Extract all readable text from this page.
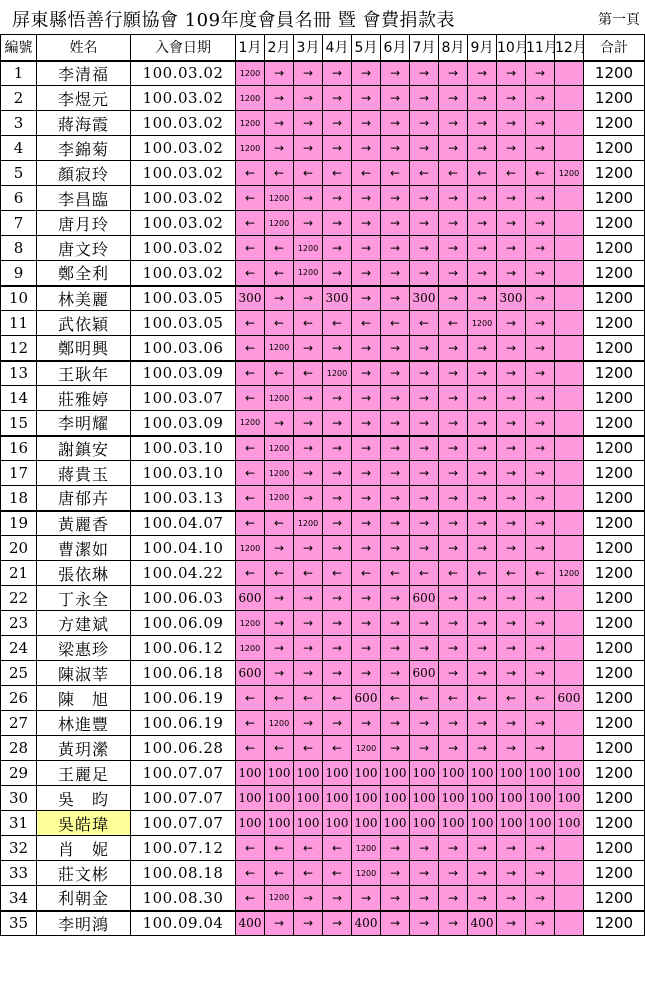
屏東縣悟善行願協會 109年度會員名冊 暨 會費捐款表	第一頁
編號	姓名	入會日期	1月	2月	3月	4月	5月	6月	7月	8月	9月	10月	11月	12月	合計
1	李清福	100.03.02	1200	→	→	→	→	→	→	→	→	→	→		1200
2	李煜元	100.03.02	1200	→	→	→	→	→	→	→	→	→	→		1200
3	蔣海霞	100.03.02	1200	→	→	→	→	→	→	→	→	→	→		1200
4	李錦菊	100.03.02	1200	→	→	→	→	→	→	→	→	→	→		1200
5	顏寂玲	100.03.02	←	←	←	←	←	←	←	←	←	←	←	1200	1200
6	李昌臨	100.03.02	←	1200	→	→	→	→	→	→	→	→	→		1200
7	唐月玲	100.03.02	←	1200	→	→	→	→	→	→	→	→	→		1200
8	唐文玲	100.03.02	←	←	1200	→	→	→	→	→	→	→	→		1200
9	鄭全利	100.03.02	←	←	1200	→	→	→	→	→	→	→	→		1200
10	林美麗	100.03.05	300	→	→	300	→	→	300	→	→	300	→		1200
11	武依穎	100.03.05	←	←	←	←	←	←	←	←	1200	→	→		1200
12	鄭明興	100.03.06	←	1200	→	→	→	→	→	→	→	→	→		1200
13	王耿年	100.03.09	←	←	←	1200	→	→	→	→	→	→	→		1200
14	莊雅婷	100.03.07	←	1200	→	→	→	→	→	→	→	→	→		1200
15	李明耀	100.03.09	1200	→	→	→	→	→	→	→	→	→	→		1200
16	謝鎮安	100.03.10	←	1200	→	→	→	→	→	→	→	→	→		1200
17	蔣貴玉	100.03.10	←	1200	→	→	→	→	→	→	→	→	→		1200
18	唐郁卉	100.03.13	←	1200	→	→	→	→	→	→	→	→	→		1200
19	黃麗香	100.04.07	←	←	1200	→	→	→	→	→	→	→	→		1200
20	曹潔如	100.04.10	1200	→	→	→	→	→	→	→	→	→	→		1200
21	張依琳	100.04.22	←	←	←	←	←	←	←	←	←	←	←	1200	1200
22	丁永全	100.06.03	600	→	→	→	→	→	600	→	→	→	→		1200
23	方建斌	100.06.09	1200	→	→	→	→	→	→	→	→	→	→		1200
24	梁惠珍	100.06.12	1200	→	→	→	→	→	→	→	→	→	→		1200
25	陳淑莘	100.06.18	600	→	→	→	→	→	600	→	→	→	→		1200
26	陳　旭	100.06.19	←	←	←	←	600	←	←	←	←	←	←	600	1200
27	林進豐	100.06.19	←	1200	→	→	→	→	→	→	→	→	→		1200
28	黃玥瀠	100.06.28	←	←	←	←	1200	→	→	→	→	→	→		1200
29	王麗足	100.07.07	100	100	100	100	100	100	100	100	100	100	100	100	1200
30	吳　昀	100.07.07	100	100	100	100	100	100	100	100	100	100	100	100	1200
31	吳皓瑋	100.07.07	100	100	100	100	100	100	100	100	100	100	100	100	1200
32	肖　妮	100.07.12	←	←	←	←	1200	→	→	→	→	→	→		1200
33	莊文彬	100.08.18	←	←	←	←	1200	→	→	→	→	→	→		1200
34	利朝金	100.08.30	←	1200	→	→	→	→	→	→	→	→	→		1200
35	李明鴻	100.09.04	400	→	→	→	400	→	→	→	400	→	→		1200
